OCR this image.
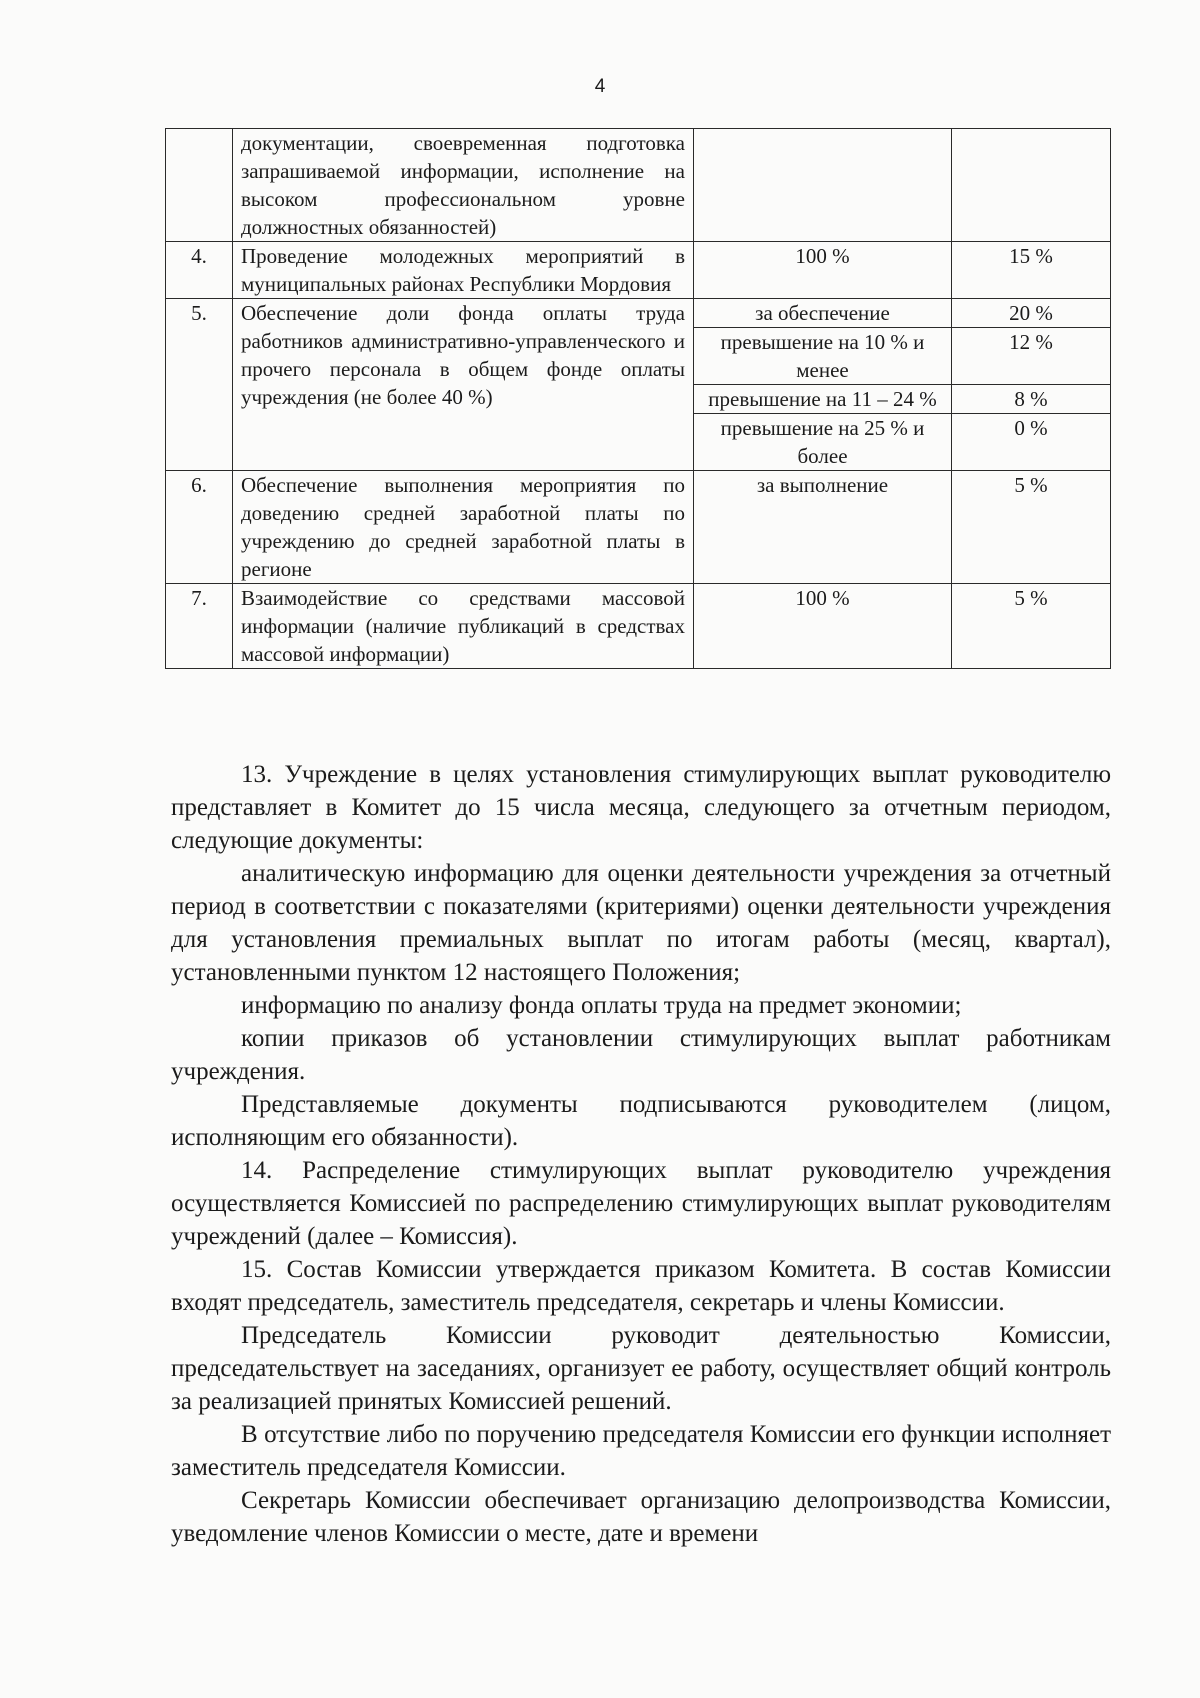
4
	документации, своевременная подготовка запрашиваемой информации, исполнение на высоком профессиональном уровне должностных обязанностей)		
4.	Проведение молодежных мероприятий в муниципальных районах Республики Мордовия	100 %	15 %
5.	Обеспечение доли фонда оплаты труда работников административно-управленческого и прочего персонала в общем фонде оплаты учреждения (не более 40 %)	за обеспечение	20 %
		превышение на 10 % и менее	12 %
		превышение на 11 – 24 %	8 %
		превышение на 25 % и более	0 %
6.	Обеспечение выполнения мероприятия по доведению средней заработной платы по учреждению до средней заработной платы в регионе	за выполнение	5 %
7.	Взаимодействие со средствами массовой информации (наличие публикаций в средствах массовой информации)	100 %	5 %

13. Учреждение в целях установления стимулирующих выплат руководителю представляет в Комитет до 15 числа месяца, следующего за отчетным периодом, следующие документы:

аналитическую информацию для оценки деятельности учреждения за отчетный период в соответствии с показателями (критериями) оценки деятельности учреждения для установления премиальных выплат по итогам работы (месяц, квартал), установленными пунктом 12 настоящего Положения;

информацию по анализу фонда оплаты труда на предмет экономии;

копии приказов об установлении стимулирующих выплат работникам учреждения.

Представляемые документы подписываются руководителем (лицом, исполняющим его обязанности).

14. Распределение стимулирующих выплат руководителю учреждения осуществляется Комиссией по распределению стимулирующих выплат руководителям учреждений (далее – Комиссия).

15. Состав Комиссии утверждается приказом Комитета. В состав Комиссии входят председатель, заместитель председателя, секретарь и члены Комиссии.

Председатель Комиссии руководит деятельностью Комиссии, председательствует на заседаниях, организует ее работу, осуществляет общий контроль за реализацией принятых Комиссией решений.

В отсутствие либо по поручению председателя Комиссии его функции исполняет заместитель председателя Комиссии.

Секретарь Комиссии обеспечивает организацию делопроизводства Комиссии, уведомление членов Комиссии о месте, дате и времени
